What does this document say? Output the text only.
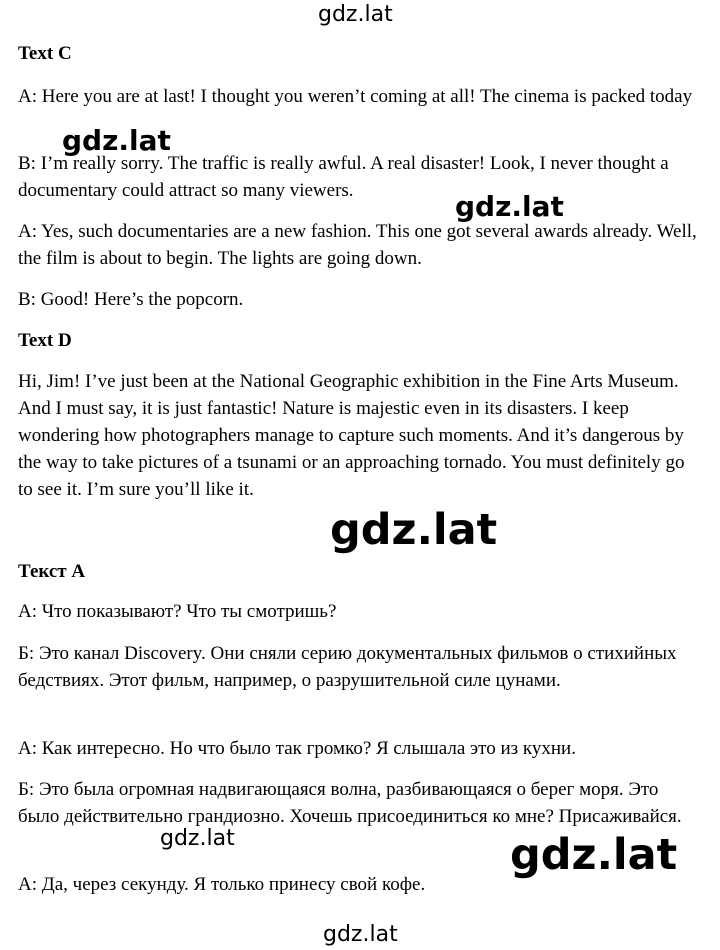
gdz.lat
Text C

A: Here you are at last! I thought you weren’t coming at all! The cinema is packed today

B: I’m really sorry. The traffic is really awful. A real disaster! Look, I never thought a documentary could attract so many viewers.

A: Yes, such documentaries are a new fashion. This one got several awards already. Well, the film is about to begin. The lights are going down.

B: Good! Here’s the popcorn.

Text D

Hi, Jim! I’ve just been at the National Geographic exhibition in the Fine Arts Museum. And I must say, it is just fantastic! Nature is majestic even in its disasters. I keep wondering how photographers manage to capture such moments. And it’s dangerous by the way to take pictures of a tsunami or an approaching tornado. You must definitely go to see it. I’m sure you’ll like it.

Текст А

А: Что показывают? Что ты смотришь?

Б: Это канал Discovery. Они сняли серию документальных фильмов о стихийных бедствиях. Этот фильм, например, о разрушительной силе цунами.

А: Как интересно. Но что было так громко? Я слышала это из кухни.

Б: Это была огромная надвигающаяся волна, разбивающаяся о берег моря. Это было действительно грандиозно. Хочешь присоединиться ко мне? Присаживайся.

А: Да, через секунду. Я только принесу свой кофе.

gdz.lat
gdz.lat
gdz.lat
gdz.lat	gdz.lat
gdz.lat
